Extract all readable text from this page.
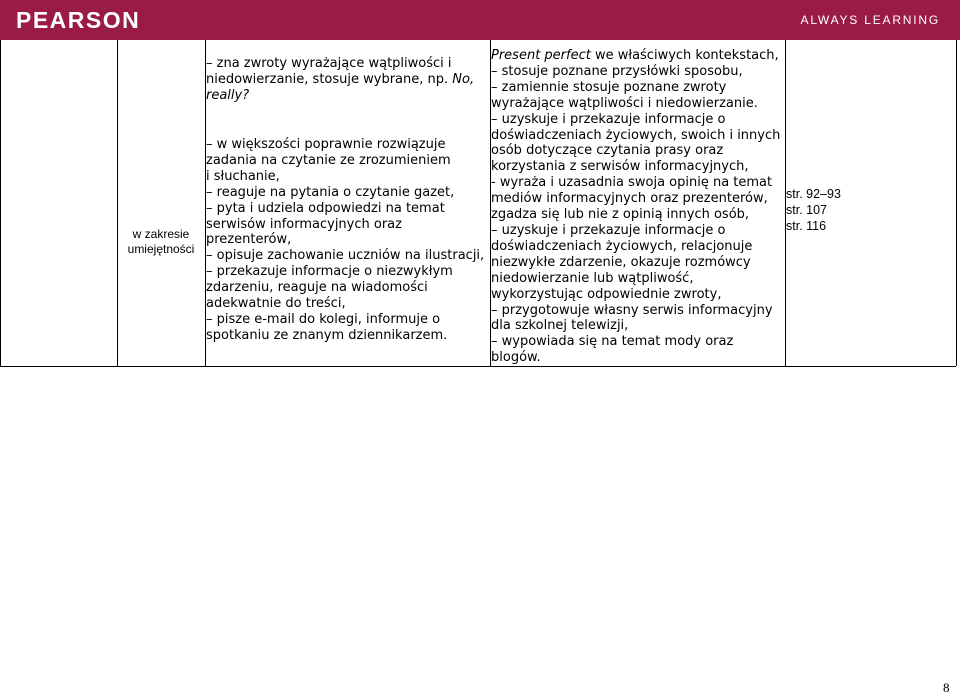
PEARSON	ALWAYS LEARNING
w zakresie umiejętności
– zna zwroty wyrażające wątpliwości i
niedowierzanie, stosuje wybrane, np. No,
really?
– w większości poprawnie rozwiązuje
zadania na czytanie ze zrozumieniem
i słuchanie,
– reaguje na pytania o czytanie gazet,
– pyta i udziela odpowiedzi na temat
serwisów informacyjnych oraz
prezenterów,
– opisuje zachowanie uczniów na ilustracji,
– przekazuje informacje o niezwykłym
zdarzeniu, reaguje na wiadomości
adekwatnie do treści,
– pisze e-mail do kolegi, informuje o
spotkaniu ze znanym dziennikarzem.
Present perfect we właściwych kontekstach,
– stosuje poznane przysłówki sposobu,
– zamiennie stosuje poznane zwroty
wyrażające wątpliwości i niedowierzanie.
– uzyskuje i przekazuje informacje o
doświadczeniach życiowych, swoich i innych
osób dotyczące czytania prasy oraz
korzystania z serwisów informacyjnych,
- wyraża i uzasadnia swoja opinię na temat
mediów informacyjnych oraz prezenterów,
zgadza się lub nie z opinią innych osób,
– uzyskuje i przekazuje informacje o
doświadczeniach życiowych, relacjonuje
niezwykłe zdarzenie, okazuje rozmówcy
niedowierzanie lub wątpliwość,
wykorzystując odpowiednie zwroty,
– przygotowuje własny serwis informacyjny
dla szkolnej telewizji,
– wypowiada się na temat mody oraz
blogów.
str. 92–93
str. 107
str. 116
8
